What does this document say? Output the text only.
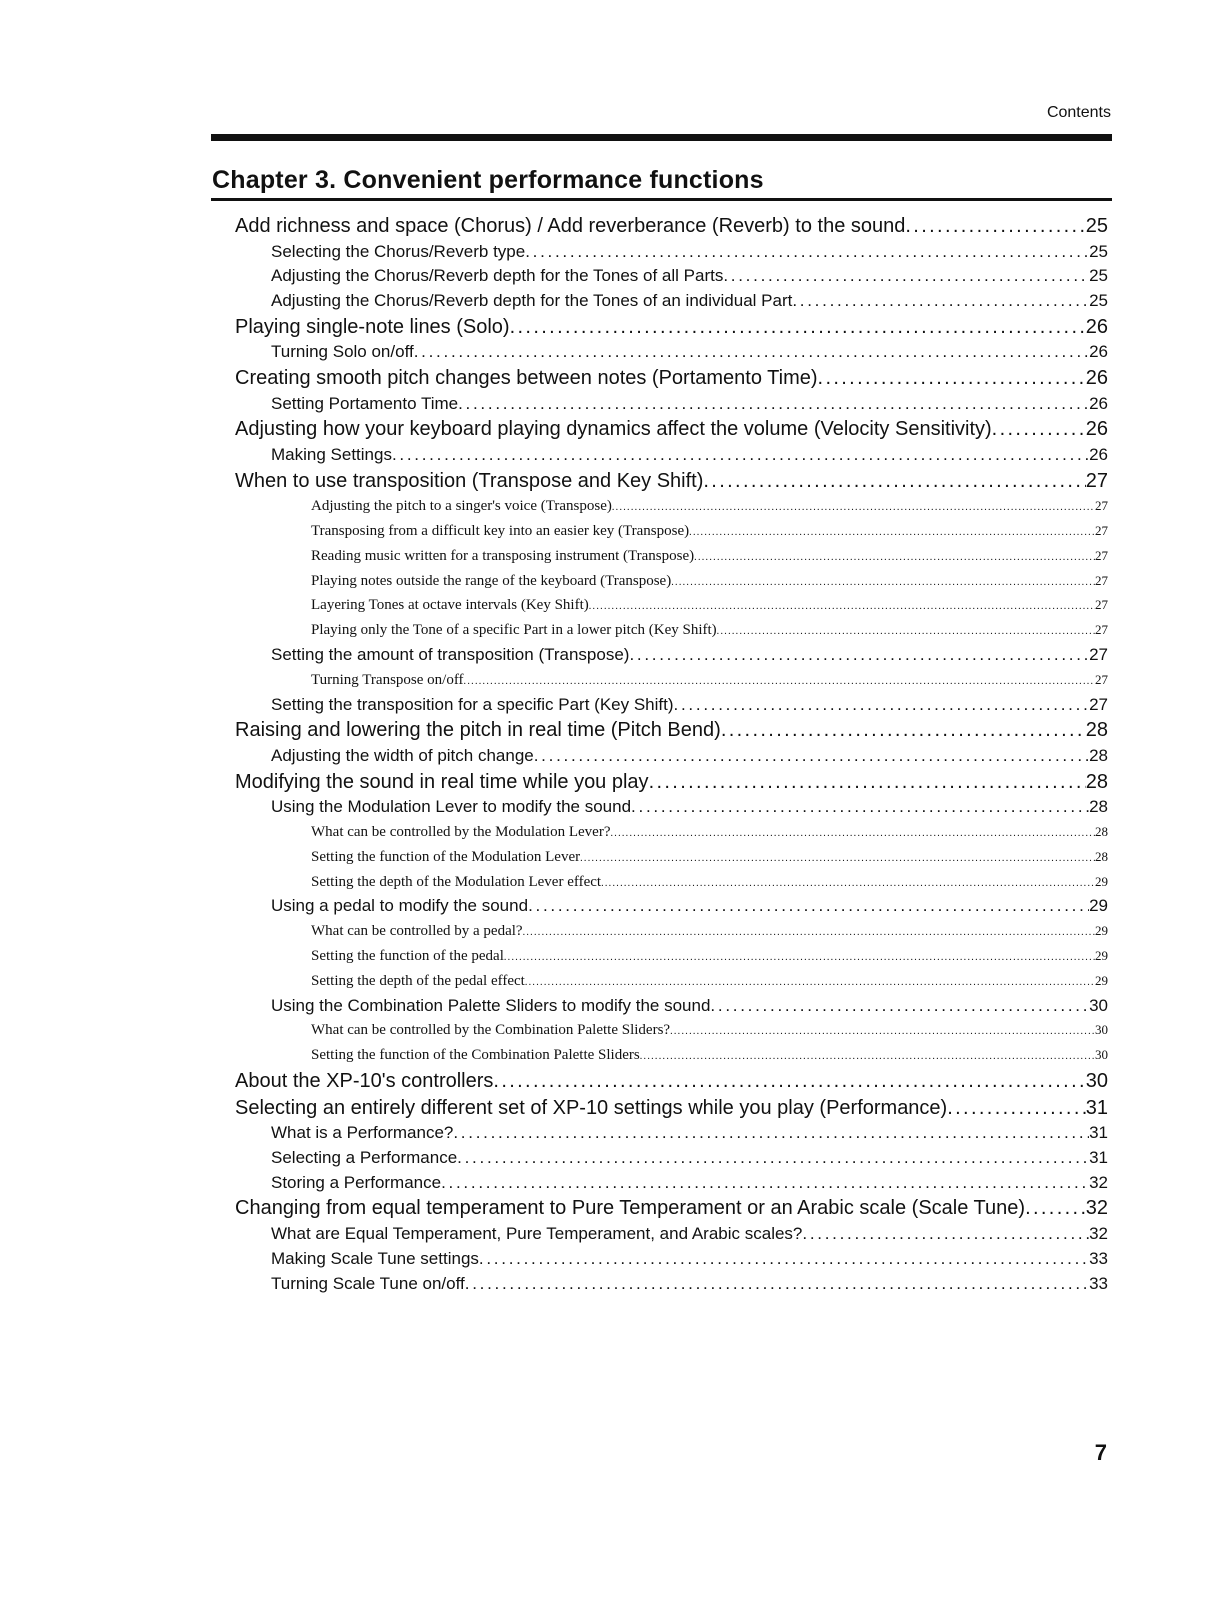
Contents
Chapter 3. Convenient performance functions
Add richness and space (Chorus) / Add reverberance (Reverb) to the sound . . .	25
Selecting the Chorus/Reverb type . . .	25
Adjusting the Chorus/Reverb depth for the Tones of all Parts . . .	25
Adjusting the Chorus/Reverb depth for the Tones of an individual Part . . .	25
Playing single-note lines (Solo) . . .	26
Turning Solo on/off . . .	26
Creating smooth pitch changes between notes (Portamento Time) . . .	26
Setting Portamento Time . . .	26
Adjusting how your keyboard playing dynamics affect the volume (Velocity Sensitivity) . . .	26
Making Settings . . .	26
When to use transposition (Transpose and Key Shift) . . .	27
Adjusting the pitch to a singer's voice (Transpose) . . .	27
Transposing from a difficult key into an easier key (Transpose) . . .	27
Reading music written for a transposing instrument (Transpose) . . .	27
Playing notes outside the range of the keyboard (Transpose) . . .	27
Layering Tones at octave intervals (Key Shift) . . .	27
Playing only the Tone of a specific Part in a lower pitch (Key Shift) . . .	27
Setting the amount of transposition (Transpose) . . .	27
Turning Transpose on/off . . .	27
Setting the transposition for a specific Part (Key Shift) . . .	27
Raising and lowering the pitch in real time (Pitch Bend) . . .	28
Adjusting the width of pitch change . . .	28
Modifying the sound in real time while you play . . .	28
Using the Modulation Lever to modify the sound . . .	28
What can be controlled by the Modulation Lever? . . .	28
Setting the function of the Modulation Lever . . .	28
Setting the depth of the Modulation Lever effect . . .	29
Using a pedal to modify the sound . . .	29
What can be controlled by a pedal? . . .	29
Setting the function of the pedal . . .	29
Setting the depth of the pedal effect . . .	29
Using the Combination Palette Sliders to modify the sound . . .	30
What can be controlled by the Combination Palette Sliders? . . .	30
Setting the function of the Combination Palette Sliders . . .	30
About the XP-10's controllers . . .	30
Selecting an entirely different set of XP-10 settings while you play (Performance) . . .	31
What is a Performance? . . .	31
Selecting a Performance . . .	31
Storing a Performance . . .	32
Changing from equal temperament to Pure Temperament or an Arabic scale (Scale Tune) . . .	32
What are Equal Temperament, Pure Temperament, and Arabic scales? . . .	32
Making Scale Tune settings . . .	33
Turning Scale Tune on/off . . .	33
7
